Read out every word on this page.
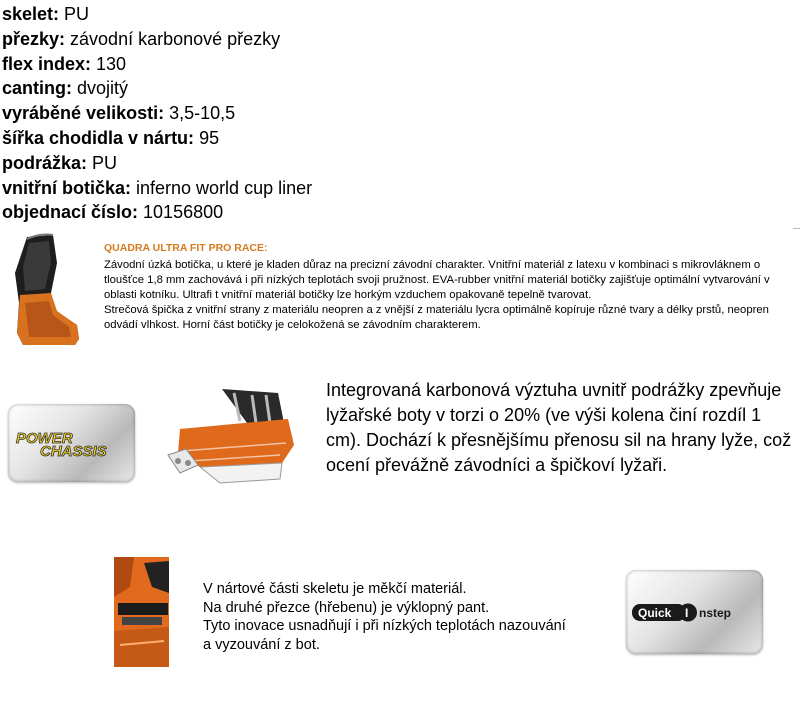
skelet: PU
přezky: závodní karbonové přezky
flex index: 130
canting: dvojitý
vyráběné velikosti: 3,5-10,5
šířka chodidla v nártu: 95
podrážka: PU
vnitřní botička: inferno world cup liner
objednací číslo: 10156800
QUADRA ULTRA FIT PRO RACE:

Závodní úzká botička, u které je kladen důraz na precizní závodní charakter. Vnitřní materiál z latexu v kombinaci s mikrovláknem o tloušťce 1,8 mm zachovává i při nízkých teplotách svoji pružnost. EVA-rubber vnitřní materiál botičky zajišťuje optimální vytvarování v oblasti kotníku. Ultrafi t vnitřní materiál botičky lze horkým vzduchem opakovaně tepelně tvarovat.

Strečová špička z vnitřní strany z materiálu neopren a z vnější z materiálu lycra optimálně kopíruje různé tvary a délky prstů, neopren odvádí vlhkost. Horní část botičky je celokožená se závodním charakterem.

POWER
CHASSIS
Integrovaná karbonová výztuha uvnitř podrážky zpevňuje lyžařské boty v torzi o 20% (ve výši kolena činí rozdíl 1 cm). Dochází k přesnějšímu přenosu sil na hrany lyže, což ocení převážně závodníci a špičkoví lyžaři.
V nártové části skeletu je měkčí materiál.
Na druhé přezce (hřebenu) je výklopný pant.
Tyto inovace usnadňují i při nízkých teplotách nazouvání
a vyzouvání z bot.
Quick I nstep
